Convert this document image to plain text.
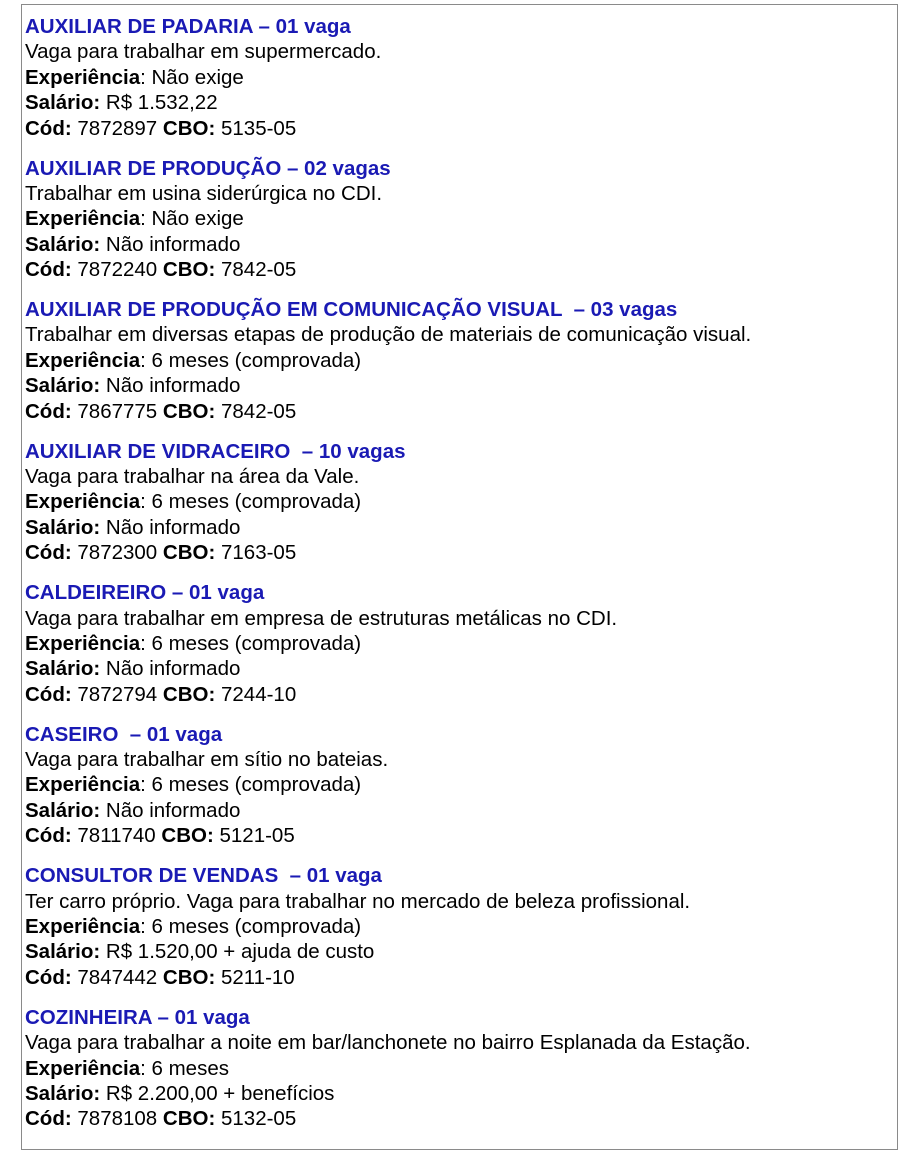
AUXILIAR DE PADARIA – 01 vaga
Vaga para trabalhar em supermercado.
Experiência: Não exige
Salário: R$ 1.532,22
Cód: 7872897 CBO: 5135-05
AUXILIAR DE PRODUÇÃO – 02 vagas
Trabalhar em usina siderúrgica no CDI.
Experiência: Não exige
Salário: Não informado
Cód: 7872240 CBO: 7842-05
AUXILIAR DE PRODUÇÃO EM COMUNICAÇÃO VISUAL  – 03 vagas
Trabalhar em diversas etapas de produção de materiais de comunicação visual.
Experiência: 6 meses (comprovada)
Salário: Não informado
Cód: 7867775 CBO: 7842-05
AUXILIAR DE VIDRACEIRO  – 10 vagas
Vaga para trabalhar na área da Vale.
Experiência: 6 meses (comprovada)
Salário: Não informado
Cód: 7872300 CBO: 7163-05
CALDEIREIRO – 01 vaga
Vaga para trabalhar em empresa de estruturas metálicas no CDI.
Experiência: 6 meses (comprovada)
Salário: Não informado
Cód: 7872794 CBO: 7244-10
CASEIRO  – 01 vaga
Vaga para trabalhar em sítio no bateias.
Experiência: 6 meses (comprovada)
Salário: Não informado
Cód: 7811740 CBO: 5121-05
CONSULTOR DE VENDAS  – 01 vaga
Ter carro próprio. Vaga para trabalhar no mercado de beleza profissional.
Experiência: 6 meses (comprovada)
Salário: R$ 1.520,00 + ajuda de custo
Cód: 7847442 CBO: 5211-10
COZINHEIRA – 01 vaga
Vaga para trabalhar a noite em bar/lanchonete no bairro Esplanada da Estação.
Experiência: 6 meses
Salário: R$ 2.200,00 + benefícios
Cód: 7878108 CBO: 5132-05
